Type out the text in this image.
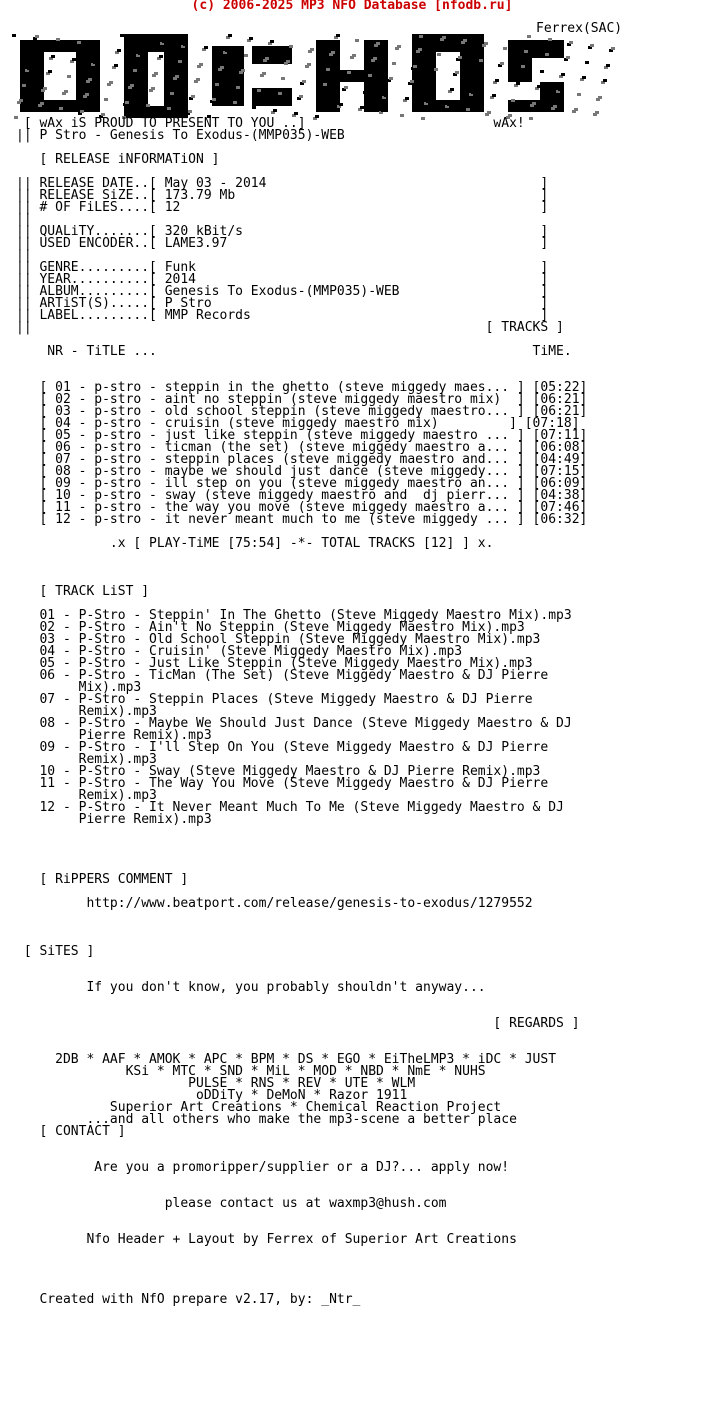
(c) 2006-2025 MP3 NFO Database [nfodb.ru]
Ferrex(SAC)

[ wAx iS PROUD TO PRESENT TO YOU ..]                        wAx!
|| P Stro - Genesis To Exodus-(MMP035)-WEB

[ RELEASE iNFORMATiON ]

|| RELEASE DATE..[ May 03 - 2014                                   ]
|| RELEASE SiZE..[ 173.79 Mb                                       ]
|| # OF FiLES....[ 12                                              ]
||
|| QUALiTY.......[ 320 kBit/s                                      ]
|| USED ENCODER..[ LAME3.97                                        ]
||
|| GENRE.........[ Funk                                            ]
|| YEAR..........[ 2014                                            ]
|| ALBUM.........[ Genesis To Exodus-(MMP035)-WEB                  ]
|| ARTiST(S).....[ P Stro                                          ]
|| LABEL.........[ MMP Records                                     ]
||                                                          [ TRACKS ]

NR - TiTLE ...                                                TiME.

[ 01 - p-stro - steppin in the ghetto (steve miggedy maes... ] [05:22]
[ 02 - p-stro - aint no steppin (steve miggedy maestro mix)  ] [06:21]
[ 03 - p-stro - old school steppin (steve miggedy maestro... ] [06:21]
[ 04 - p-stro - cruisin (steve miggedy maestro mix)         ] [07:18]
[ 05 - p-stro - just like steppin (steve miggedy maestro ... ] [07:11]
[ 06 - p-stro - ticman (the set) (steve miggedy maestro a... ] [06:08]
[ 07 - p-stro - steppin places (steve miggedy maestro and... ] [04:49]
[ 08 - p-stro - maybe we should just dance (steve miggedy... ] [07:15]
[ 09 - p-stro - ill step on you (steve miggedy maestro an... ] [06:09]
[ 10 - p-stro - sway (steve miggedy maestro and  dj pierr... ] [04:38]
[ 11 - p-stro - the way you move (steve miggedy maestro a... ] [07:46]
[ 12 - p-stro - it never meant much to me (steve miggedy ... ] [06:32]

.x [ PLAY-TiME [75:54] -*- TOTAL TRACKS [12] ] x.

[ TRACK LiST ]

01 - P-Stro - Steppin' In The Ghetto (Steve Miggedy Maestro Mix).mp3
02 - P-Stro - Ain't No Steppin (Steve Miggedy Maestro Mix).mp3
03 - P-Stro - Old School Steppin (Steve Miggedy Maestro Mix).mp3
04 - P-Stro - Cruisin' (Steve Miggedy Maestro Mix).mp3
05 - P-Stro - Just Like Steppin (Steve Miggedy Maestro Mix).mp3
06 - P-Stro - TicMan (The Set) (Steve Miggedy Maestro & DJ Pierre
Mix).mp3
07 - P-Stro - Steppin Places (Steve Miggedy Maestro & DJ Pierre
Remix).mp3
08 - P-Stro - Maybe We Should Just Dance (Steve Miggedy Maestro & DJ
Pierre Remix).mp3
09 - P-Stro - I'll Step On You (Steve Miggedy Maestro & DJ Pierre
Remix).mp3
10 - P-Stro - Sway (Steve Miggedy Maestro & DJ Pierre Remix).mp3
11 - P-Stro - The Way You Move (Steve Miggedy Maestro & DJ Pierre
Remix).mp3
12 - P-Stro - It Never Meant Much To Me (Steve Miggedy Maestro & DJ
Pierre Remix).mp3

[ RiPPERS COMMENT ]

http://www.beatport.com/release/genesis-to-exodus/1279552

[ SiTES ]

If you don't know, you probably shouldn't anyway...

[ REGARDS ]

2DB * AAF * AMOK * APC * BPM * DS * EGO * EiTheLMP3 * iDC * JUST
KSi * MTC * SND * MiL * MOD * NBD * NmE * NUHS
PULSE * RNS * REV * UTE * WLM
oDDiTy * DeMoN * Razor 1911
Superior Art Creations * Chemical Reaction Project
...and all others who make the mp3-scene a better place
[ CONTACT ]

Are you a promoripper/supplier or a DJ?... apply now!

please contact us at waxmp3@hush.com

Nfo Header + Layout by Ferrex of Superior Art Creations

Created with NfO prepare v2.17, by: _Ntr_
